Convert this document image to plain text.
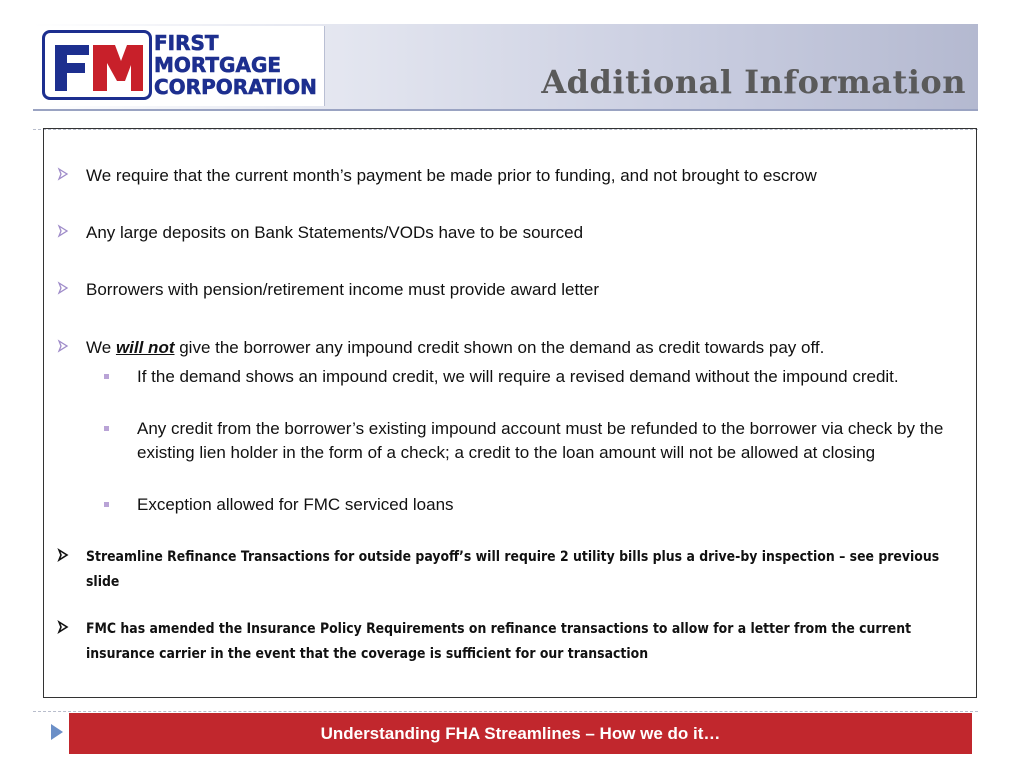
FIRST
MORTGAGE
CORPORATION	Additional Information
We require that the current month’s payment be made prior to funding, and not brought to escrow
Any large deposits on Bank Statements/VODs have to be sourced
Borrowers with pension/retirement income must provide award letter
We will not give the borrower any impound credit shown on the demand as credit towards pay off.
If the demand shows an impound credit, we will require a revised demand without the impound credit.
Any credit from the borrower’s existing impound account must be refunded to the borrower via check by the existing lien holder in the form of a check; a credit to the loan amount will not be allowed at closing
Exception allowed for FMC serviced loans
Streamline Refinance Transactions for outside payoff’s will require 2 utility bills plus a drive-by inspection – see previous slide
FMC has amended the Insurance Policy Requirements on refinance transactions to allow for a letter from the current insurance carrier in the event that the coverage is sufficient for our transaction
Understanding FHA Streamlines – How we do it…
